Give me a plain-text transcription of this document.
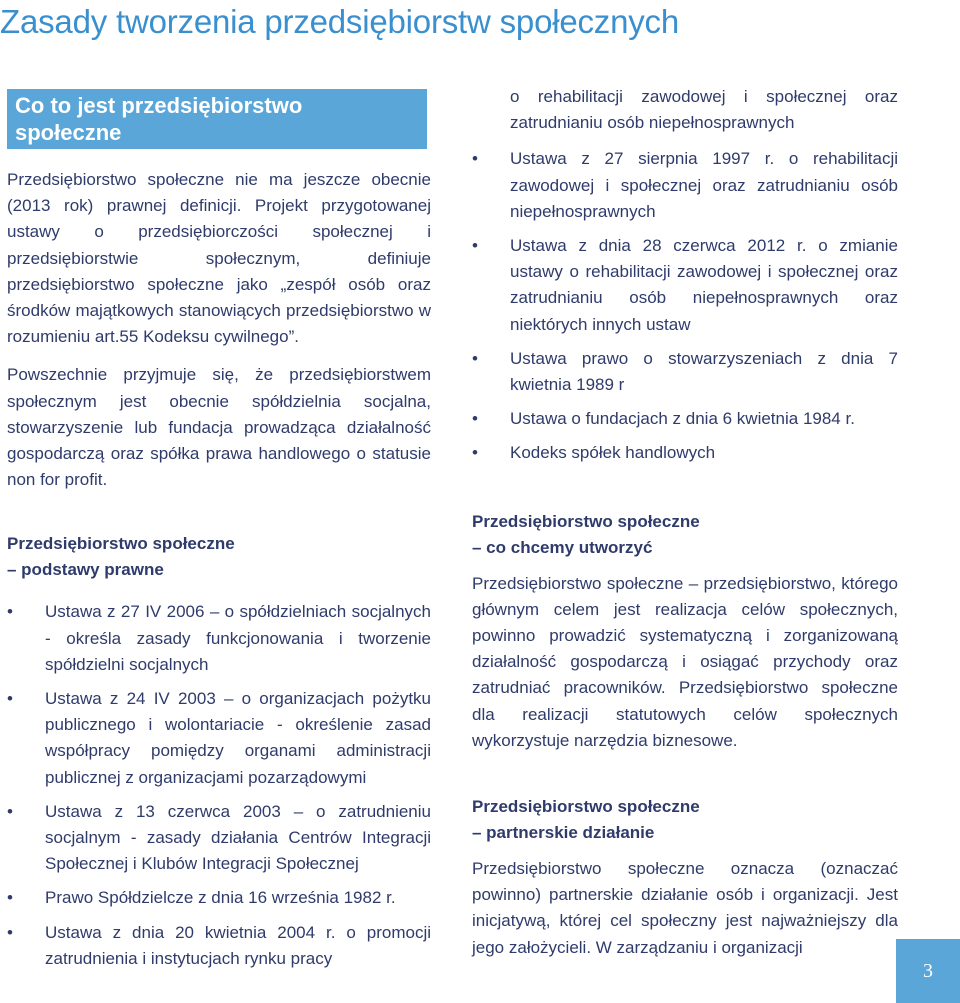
Zasady tworzenia przedsiębiorstw społecznych
Co to jest przedsiębiorstwo
społeczne

Przedsiębiorstwo społeczne nie ma jeszcze obecnie (2013 rok) prawnej definicji. Projekt przygotowanej ustawy o przedsiębiorczości społecznej i przedsiębiorstwie społecznym, definiuje przedsiębiorstwo społeczne jako „zespół osób oraz środków majątkowych stanowiących przedsiębiorstwo w rozumieniu art.55 Kodeksu cywilnego”.

Powszechnie przyjmuje się, że przedsiębiorstwem społecznym jest obecnie spółdzielnia socjalna, stowarzyszenie lub fundacja prowadząca działalność gospodarczą oraz spółka prawa handlowego o statusie non for profit.

Przedsiębiorstwo społeczne
– podstawy prawne
• Ustawa z 27 IV 2006 – o spółdzielniach socjalnych - określa zasady funkcjonowania i tworzenie spółdzielni socjalnych
• Ustawa z 24 IV 2003 – o organizacjach pożytku publicznego i wolontariacie - określenie zasad współpracy pomiędzy organami administracji publicznej z organizacjami pozarządowymi
• Ustawa z 13 czerwca 2003 – o zatrudnieniu socjalnym - zasady działania Centrów Integracji Społecznej i Klubów Integracji Społecznej
• Prawo Spółdzielcze z dnia 16 września 1982 r.
• Ustawa z dnia 20 kwietnia 2004 r. o promocji zatrudnienia i instytucjach rynku pracy

o rehabilitacji zawodowej i społecznej oraz zatrudnianiu osób niepełnosprawnych

• Ustawa z 27 sierpnia 1997 r. o rehabilitacji zawodowej i społecznej oraz zatrudnianiu osób niepełnosprawnych
• Ustawa z dnia 28 czerwca 2012 r. o zmianie ustawy o rehabilitacji zawodowej i społecznej oraz zatrudnianiu osób niepełnosprawnych oraz niektórych innych ustaw
• Ustawa prawo o stowarzyszeniach z dnia 7 kwietnia 1989 r
• Ustawa o fundacjach z dnia 6 kwietnia 1984 r.
• Kodeks spółek handlowych
Przedsiębiorstwo społeczne
– co chcemy utworzyć

Przedsiębiorstwo społeczne – przedsiębiorstwo, którego głównym celem jest realizacja celów społecznych, powinno prowadzić systematyczną i zorganizowaną działalność gospodarczą i osiągać przychody oraz zatrudniać pracowników. Przedsiębiorstwo społeczne dla realizacji statutowych celów społecznych wykorzystuje narzędzia biznesowe.

Przedsiębiorstwo społeczne
– partnerskie działanie

Przedsiębiorstwo społeczne oznacza (oznaczać powinno) partnerskie działanie osób i organizacji. Jest inicjatywą, której cel społeczny jest najważniejszy dla jego założycieli. W zarządzaniu i organizacji

3
